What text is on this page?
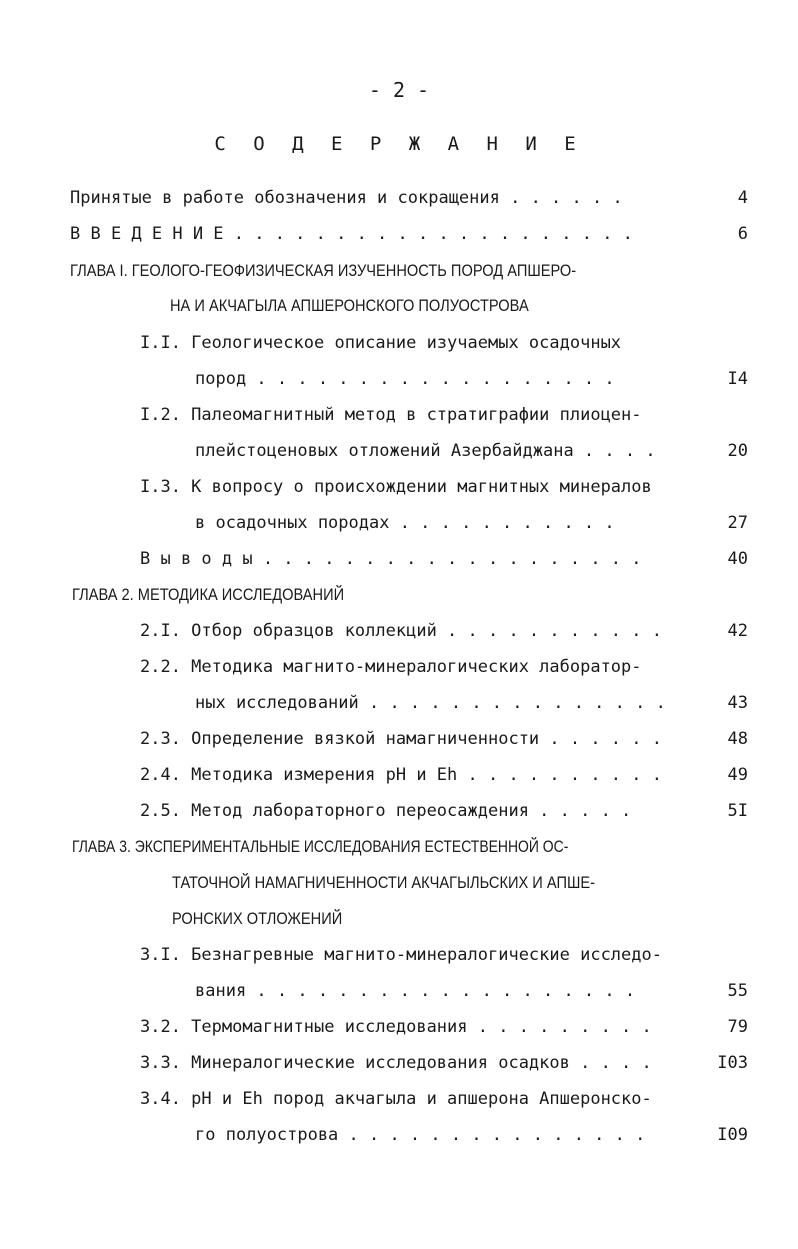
- 2 -
С О Д Е Р Ж А Н И Е
Принятые в работе обозначения и сокращения . . . . . .	4
В В Е Д Е Н И Е . . . . . . . . . . . . . . . . . . . .	6
ГЛАВА I. ГЕОЛОГО-ГЕОФИЗИЧЕСКАЯ ИЗУЧЕННОСТЬ ПОРОД АПШЕРО-
НА И АКЧАГЫЛА АПШЕРОНСКОГО ПОЛУОСТРОВА
I.I. Геологическое описание изучаемых осадочных
пород . . . . . . . . . . . . . . . . . .	I4
I.2. Палеомагнитный метод в стратиграфии плиоцен-
плейстоценовых отложений Азербайджана . . . .	20
I.3. К вопросу о происхождении магнитных минералов
в осадочных породах . . . . . . . . . . .	27
В ы в о д ы . . . . . . . . . . . . . . . . . . .	40
ГЛАВА 2. МЕТОДИКА ИССЛЕДОВАНИЙ
2.I. Отбор образцов коллекций . . . . . . . . . . .	42
2.2. Методика магнито-минералогических лаборатор-
ных исследований . . . . . . . . . . . . . . .	43
2.3. Определение вязкой намагниченности . . . . . .	48
2.4. Методика измерения pH и Eh . . . . . . . . . .	49
2.5. Метод лабораторного переосаждения . . . . .	5I
ГЛАВА 3. ЭКСПЕРИМЕНТАЛЬНЫЕ ИССЛЕДОВАНИЯ ЕСТЕСТВЕННОЙ ОС-
ТАТОЧНОЙ НАМАГНИЧЕННОСТИ АКЧАГЫЛЬСКИХ И АПШЕ-
РОНСКИХ ОТЛОЖЕНИЙ
3.I. Безнагревные магнито-минералогические исследо-
вания . . . . . . . . . . . . . . . . . . .	55
3.2. Термомагнитные исследования . . . . . . . . .	79
3.3. Минералогические исследования осадков . . . .	I03
3.4. pH и Eh пород акчагыла и апшерона Апшеронско-
го полуострова . . . . . . . . . . . . . . .	I09
